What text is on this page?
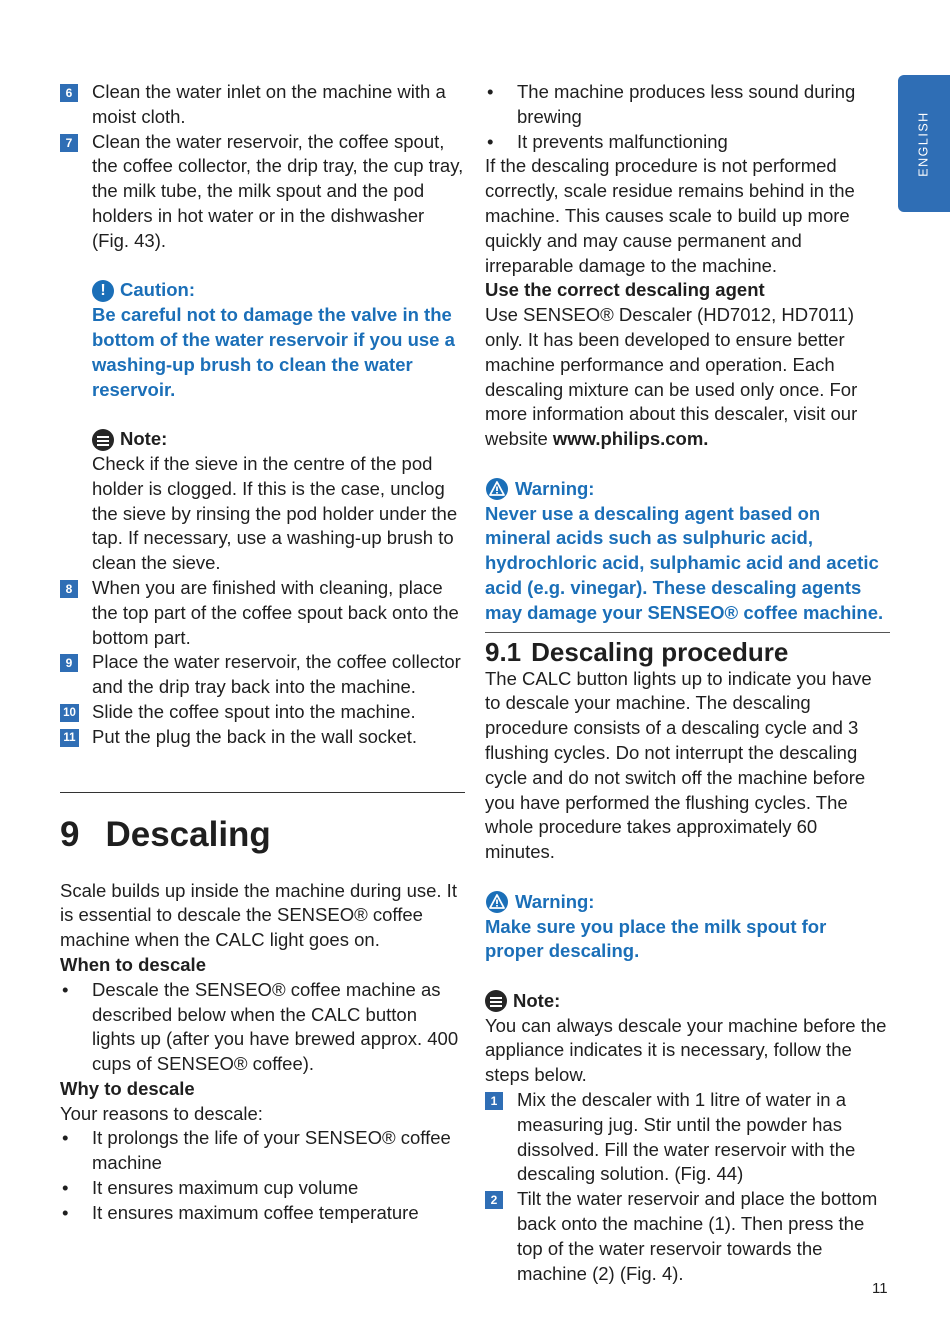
6	Clean the water inlet on the machine with a moist cloth.
7	Clean the water reservoir, the coffee spout, the coffee collector, the drip tray, the cup tray, the milk tube, the milk spout and the pod holders in hot water or in the dishwasher (Fig. 43).
! Caution:
Be careful not to damage the valve in the bottom of the water reservoir if you use a washing-up brush to clean the water reservoir.
Note:
Check if the sieve in the centre of the pod holder is clogged. If this is the case, unclog the sieve by rinsing the pod holder under the tap. If necessary, use a washing-up brush to clean the sieve.
8	When you are finished with cleaning, place the top part of the coffee spout back onto the bottom part.
9	Place the water reservoir, the coffee collector and the drip tray back into the machine.
10 Slide the coffee spout into the machine.
11 Put the plug the back in the wall socket.
9 Descaling
Scale builds up inside the machine during use. It is essential to descale the SENSEO® coffee machine when the CALC light goes on.
When to descale
• Descale the SENSEO® coffee machine as described below when the CALC button lights up (after you have brewed approx. 400 cups of SENSEO® coffee).
Why to descale
Your reasons to descale:
• It prolongs the life of your SENSEO® coffee machine
• It ensures maximum cup volume
• It ensures maximum coffee temperature
• The machine produces less sound during brewing
• It prevents malfunctioning
If the descaling procedure is not performed correctly, scale residue remains behind in the machine. This causes scale to build up more quickly and may cause permanent and irreparable damage to the machine.
Use the correct descaling agent
Use SENSEO® Descaler (HD7012, HD7011) only. It has been developed to ensure better machine performance and operation. Each descaling mixture can be used only once. For more information about this descaler, visit our website www.philips.com.
Warning:
Never use a descaling agent based on mineral acids such as sulphuric acid, hydrochloric acid, sulphamic acid and acetic acid (e.g. vinegar). These descaling agents may damage your SENSEO® coffee machine.
9.1 Descaling procedure
The CALC button lights up to indicate you have to descale your machine. The descaling procedure consists of a descaling cycle and 3 flushing cycles. Do not interrupt the descaling cycle and do not switch off the machine before you have performed the flushing cycles. The whole procedure takes approximately 60 minutes.
Warning:
Make sure you place the milk spout for proper descaling.
Note:
You can always descale your machine before the appliance indicates it is necessary, follow the steps below.
1	Mix the descaler with 1 litre of water in a measuring jug. Stir until the powder has dissolved. Fill the water reservoir with the descaling solution. (Fig. 44)
2	Tilt the water reservoir and place the bottom back onto the machine (1). Then press the top of the water reservoir towards the machine (2) (Fig. 4).
ENGLISH
11
